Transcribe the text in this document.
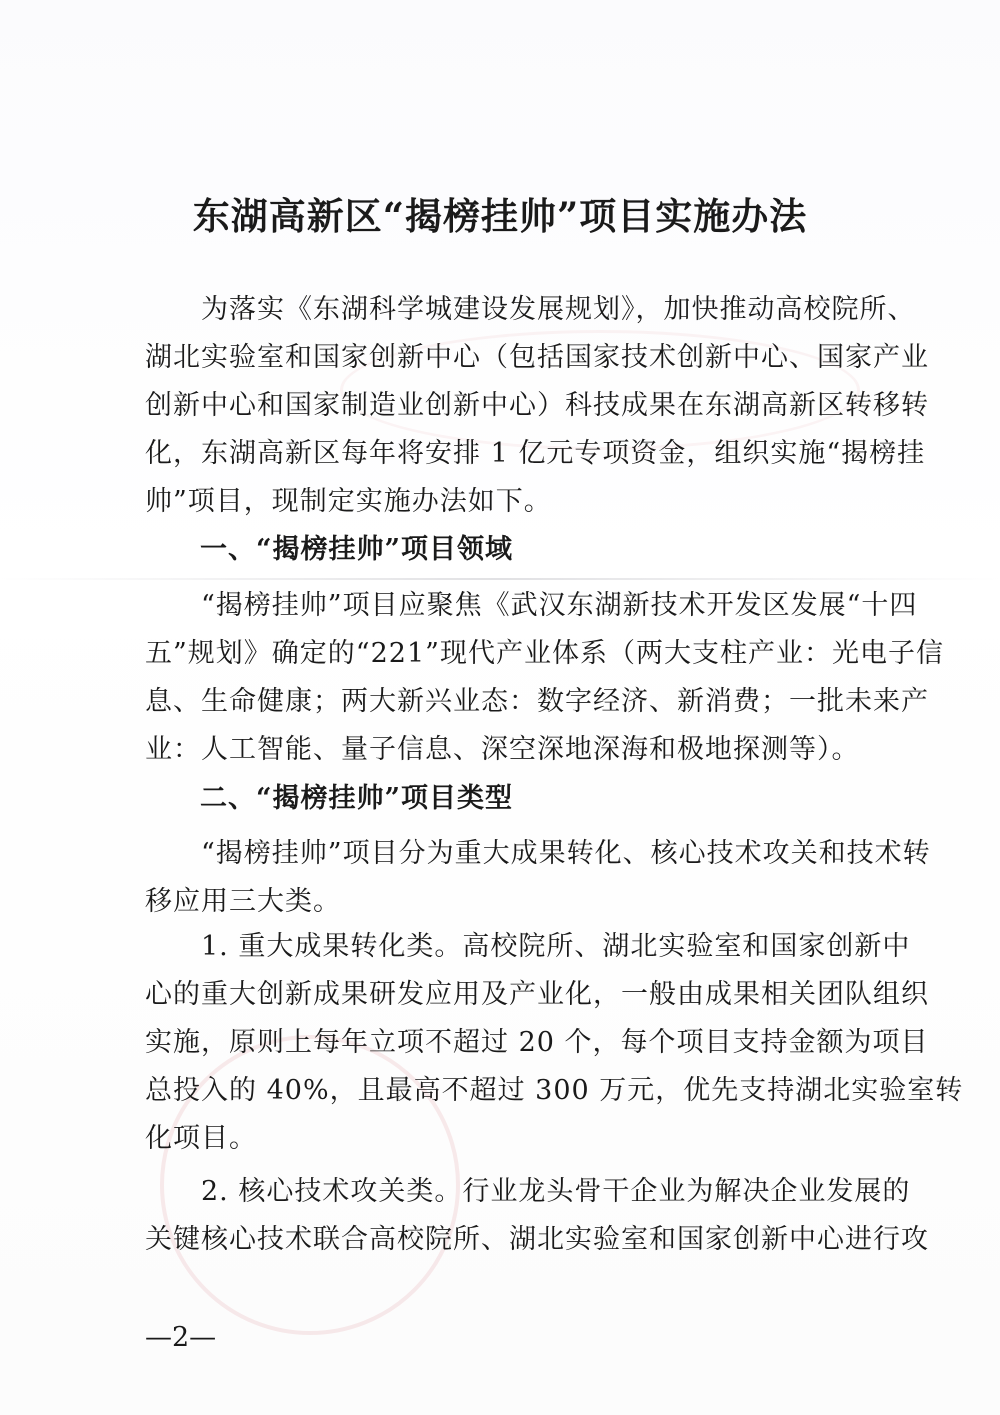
东湖高新区“揭榜挂帅”项目实施办法
为落实《东湖科学城建设发展规划》，加快推动高校院所、
湖北实验室和国家创新中心（包括国家技术创新中心、国家产业
创新中心和国家制造业创新中心）科技成果在东湖高新区转移转
化，东湖高新区每年将安排 1 亿元专项资金，组织实施“揭榜挂
帅”项目，现制定实施办法如下。
一、“揭榜挂帅”项目领域
“揭榜挂帅”项目应聚焦《武汉东湖新技术开发区发展“十四
五”规划》确定的“221”现代产业体系（两大支柱产业：光电子信
息、生命健康；两大新兴业态：数字经济、新消费；一批未来产
业：人工智能、量子信息、深空深地深海和极地探测等）。
二、“揭榜挂帅”项目类型
“揭榜挂帅”项目分为重大成果转化、核心技术攻关和技术转
移应用三大类。
1. 重大成果转化类。高校院所、湖北实验室和国家创新中
心的重大创新成果研发应用及产业化，一般由成果相关团队组织
实施，原则上每年立项不超过 20 个，每个项目支持金额为项目
总投入的 40%，且最高不超过 300 万元，优先支持湖北实验室转
化项目。
2. 核心技术攻关类。行业龙头骨干企业为解决企业发展的
关键核心技术联合高校院所、湖北实验室和国家创新中心进行攻
—2—
